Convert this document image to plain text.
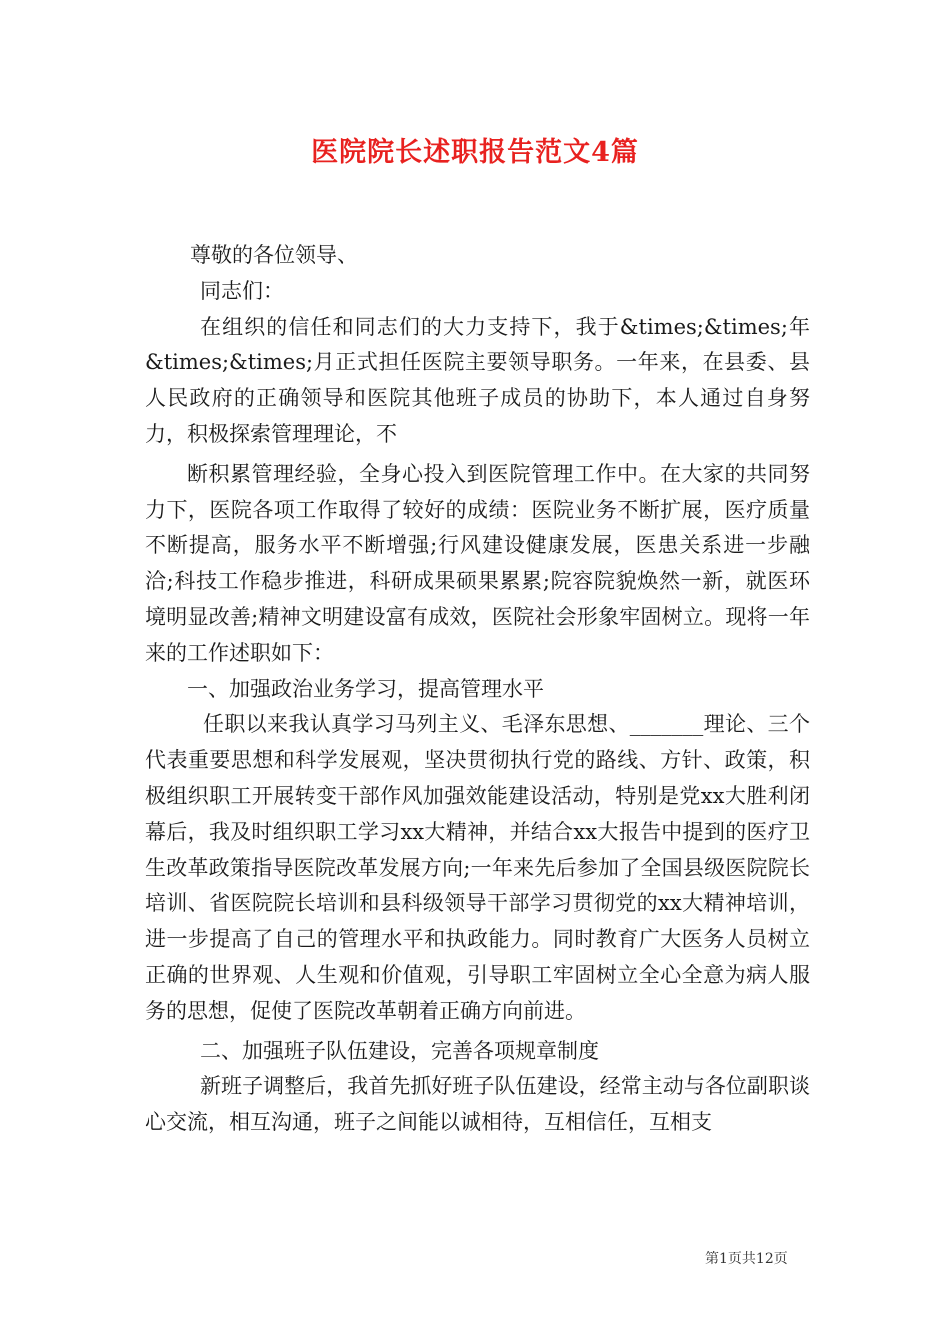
医院院长述职报告范文4篇

尊敬的各位领导、

同志们：

在组织的信任和同志们的大力支持下，我于&times;&times;年&times;&times;月正式担任医院主要领导职务。一年来，在县委、县人民政府的正确领导和医院其他班子成员的协助下，本人通过自身努力，积极探索管理理论，不

断积累管理经验，全身心投入到医院管理工作中。在大家的共同努力下，医院各项工作取得了较好的成绩：医院业务不断扩展，医疗质量不断提高，服务水平不断增强;行风建设健康发展，医患关系进一步融洽;科技工作稳步推进，科研成果硕果累累;院容院貌焕然一新，就医环境明显改善;精神文明建设富有成效，医院社会形象牢固树立。现将一年来的工作述职如下：

一、加强政治业务学习，提高管理水平

任职以来我认真学习马列主义、毛泽东思想、_______理论、三个代表重要思想和科学发展观，坚决贯彻执行党的路线、方针、政策，积极组织职工开展转变干部作风加强效能建设活动，特别是党xx大胜利闭幕后，我及时组织职工学习xx大精神，并结合xx大报告中提到的医疗卫生改革政策指导医院改革发展方向;一年来先后参加了全国县级医院院长培训、省医院院长培训和县科级领导干部学习贯彻党的xx大精神培训，进一步提高了自己的管理水平和执政能力。同时教育广大医务人员树立正确的世界观、人生观和价值观，引导职工牢固树立全心全意为病人服务的思想，促使了医院改革朝着正确方向前进。

二、加强班子队伍建设，完善各项规章制度

新班子调整后，我首先抓好班子队伍建设，经常主动与各位副职谈心交流，相互沟通，班子之间能以诚相待，互相信任，互相支

第1页共12页
